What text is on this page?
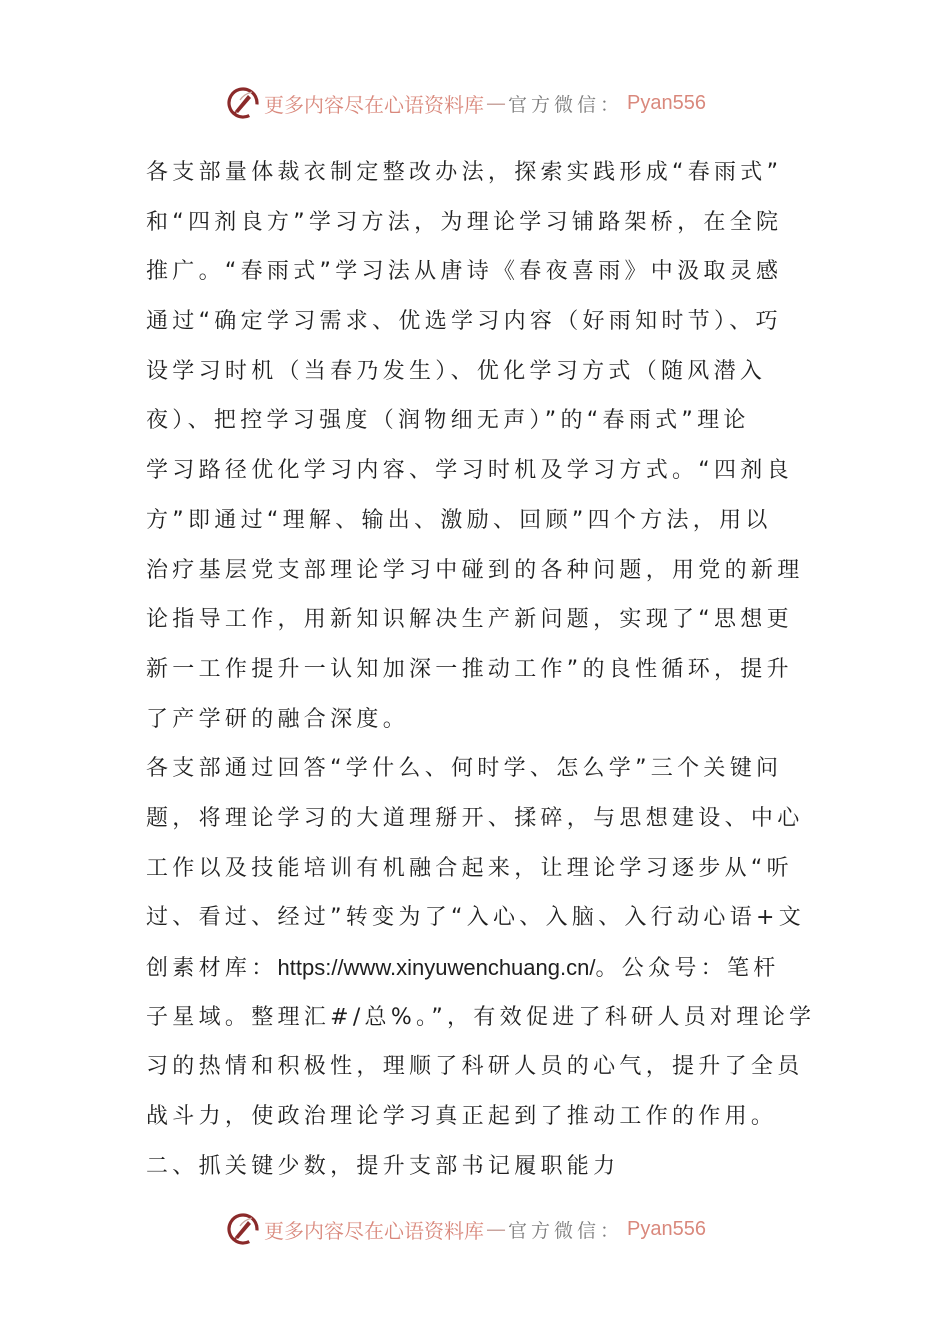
更多内容尽在心语资料库 — 官方微信： Pyan556
各支部量体裁衣制定整改办法，探索实践形成“春雨式”
和“四剂良方”学习方法，为理论学习铺路架桥，在全院
推广。“春雨式”学习法从唐诗《春夜喜雨》中汲取灵感
通过“确定学习需求、优选学习内容（好雨知时节）、巧
设学习时机（当春乃发生）、优化学习方式（随风潜入
夜）、把控学习强度（润物细无声）”的“春雨式”理论
学习路径优化学习内容、学习时机及学习方式。“四剂良
方”即通过“理解、输出、激励、回顾”四个方法，用以
治疗基层党支部理论学习中碰到的各种问题，用党的新理
论指导工作，用新知识解决生产新问题，实现了“思想更
新一工作提升一认知加深一推动工作”的良性循环，提升
了产学研的融合深度。
各支部通过回答“学什么、何时学、怎么学”三个关键问
题，将理论学习的大道理掰开、揉碎，与思想建设、中心
工作以及技能培训有机融合起来，让理论学习逐步从“听
过、看过、经过”转变为了“入心、入脑、入行动心语+文
创素材库：https://www.xinyuwenchuang.cn/。公众号：笔杆
子星域。整理汇#/总%。”，有效促进了科研人员对理论学
习的热情和积极性，理顺了科研人员的心气，提升了全员
战斗力，使政治理论学习真正起到了推动工作的作用。
二、抓关键少数，提升支部书记履职能力
更多内容尽在心语资料库 — 官方微信： Pyan556
